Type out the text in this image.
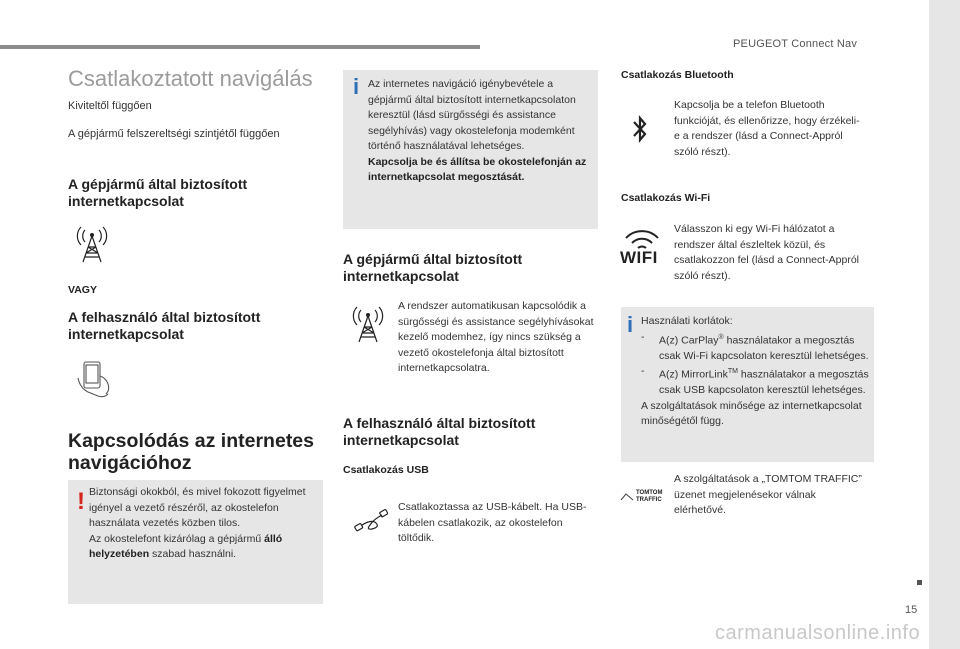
PEUGEOT Connect Nav
Csatlakoztatott navigálás
Kiviteltől függően
A gépjármű felszereltségi szintjétől függően
A gépjármű által biztosított internetkapcsolat
VAGY
A felhasználó által biztosított internetkapcsolat
Kapcsolódás az internetes navigációhoz
! Biztonsági okokból, és mivel fokozott figyelmet igényel a vezető részéről, az okostelefon használata vezetés közben tilos.
Az okostelefont kizárólag a gépjármű álló helyzetében szabad használni.
i Az internetes navigáció igénybevétele a gépjármű által biztosított internetkapcsolaton keresztül (lásd sürgősségi és assistance segélyhívás) vagy okostelefonja modemként történő használatával lehetséges.
Kapcsolja be és állítsa be okostelefonján az internetkapcsolat megosztását.
A gépjármű által biztosított internetkapcsolat
A rendszer automatikusan kapcsolódik a sürgősségi és assistance segélyhívásokat kezelő modemhez, így nincs szükség a vezető okostelefonja által biztosított internetkapcsolatra.
A felhasználó által biztosított internetkapcsolat
Csatlakozás USB
Csatlakoztassa az USB-kábelt. Ha USB-kábelen csatlakozik, az okostelefon töltődik.
Csatlakozás Bluetooth
Kapcsolja be a telefon Bluetooth funkcióját, és ellenőrizze, hogy érzékeli-e a rendszer (lásd a Connect-Appról szóló részt).
Csatlakozás Wi-Fi
WIFI
Válasszon ki egy Wi-Fi hálózatot a rendszer által észleltek közül, és csatlakozzon fel (lásd a Connect-Appról szóló részt).
i Használati korlátok:
-	A(z) CarPlay® használatakor a megosztás csak Wi-Fi kapcsolaton keresztül lehetséges.
-	A(z) MirrorLink™ használatakor a megosztás csak USB kapcsolaton keresztül lehetséges.
A szolgáltatások minősége az internetkapcsolat minőségétől függ.
TOMTOM
TRAFFIC
A szolgáltatások a „TOMTOM TRAFFIC” üzenet megjelenésekor válnak elérhetővé.
15
carmanualsonline.info
